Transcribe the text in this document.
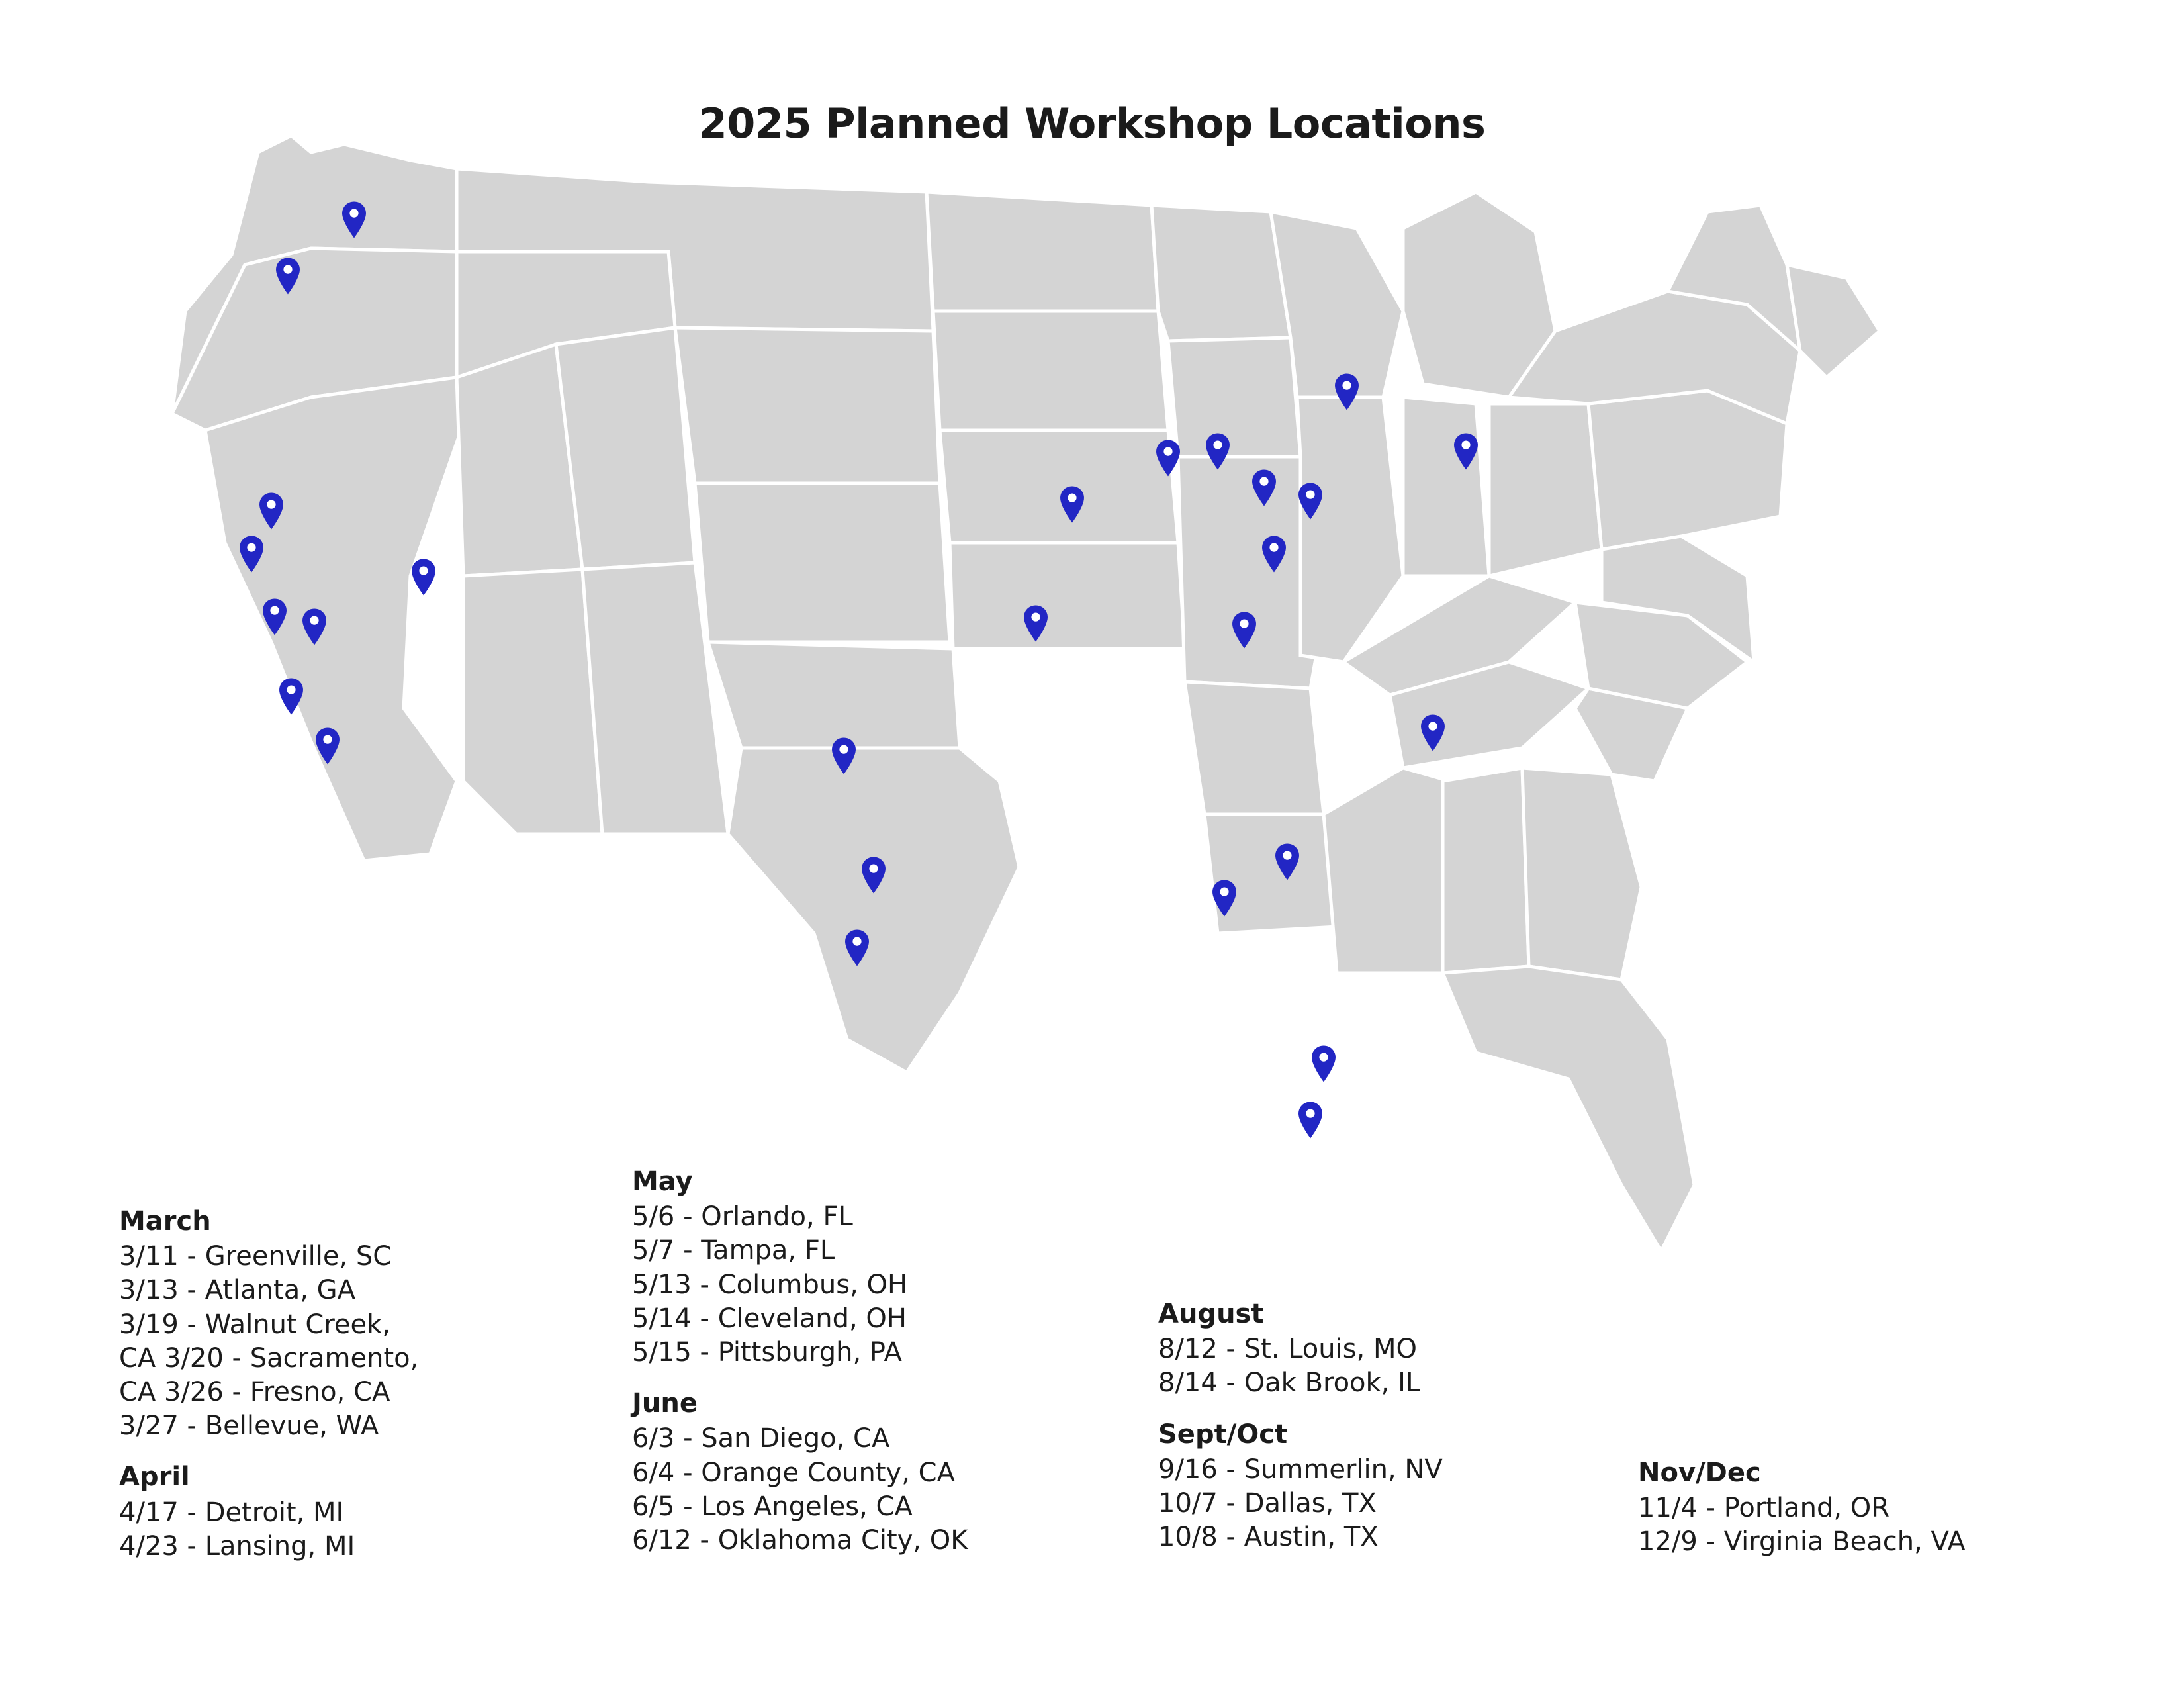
2025 Planned Workshop Locations
March
3/11 - Greenville, SC
3/13 - Atlanta, GA
3/19 - Walnut Creek,
CA 3/20 - Sacramento,
CA 3/26 - Fresno, CA
3/27 - Bellevue, WA
April
4/17 - Detroit, MI
4/23 - Lansing, MI
May
5/6 - Orlando, FL
5/7 - Tampa, FL
5/13 - Columbus, OH
5/14 - Cleveland, OH
5/15 - Pittsburgh, PA
June
6/3 - San Diego, CA
6/4 - Orange County, CA
6/5 - Los Angeles, CA
6/12 - Oklahoma City, OK
August
8/12 - St. Louis, MO
8/14 - Oak Brook, IL
Sept/Oct
9/16 - Summerlin, NV
10/7 - Dallas, TX
10/8 - Austin, TX
Nov/Dec
11/4 - Portland, OR
12/9 - Virginia Beach, VA
